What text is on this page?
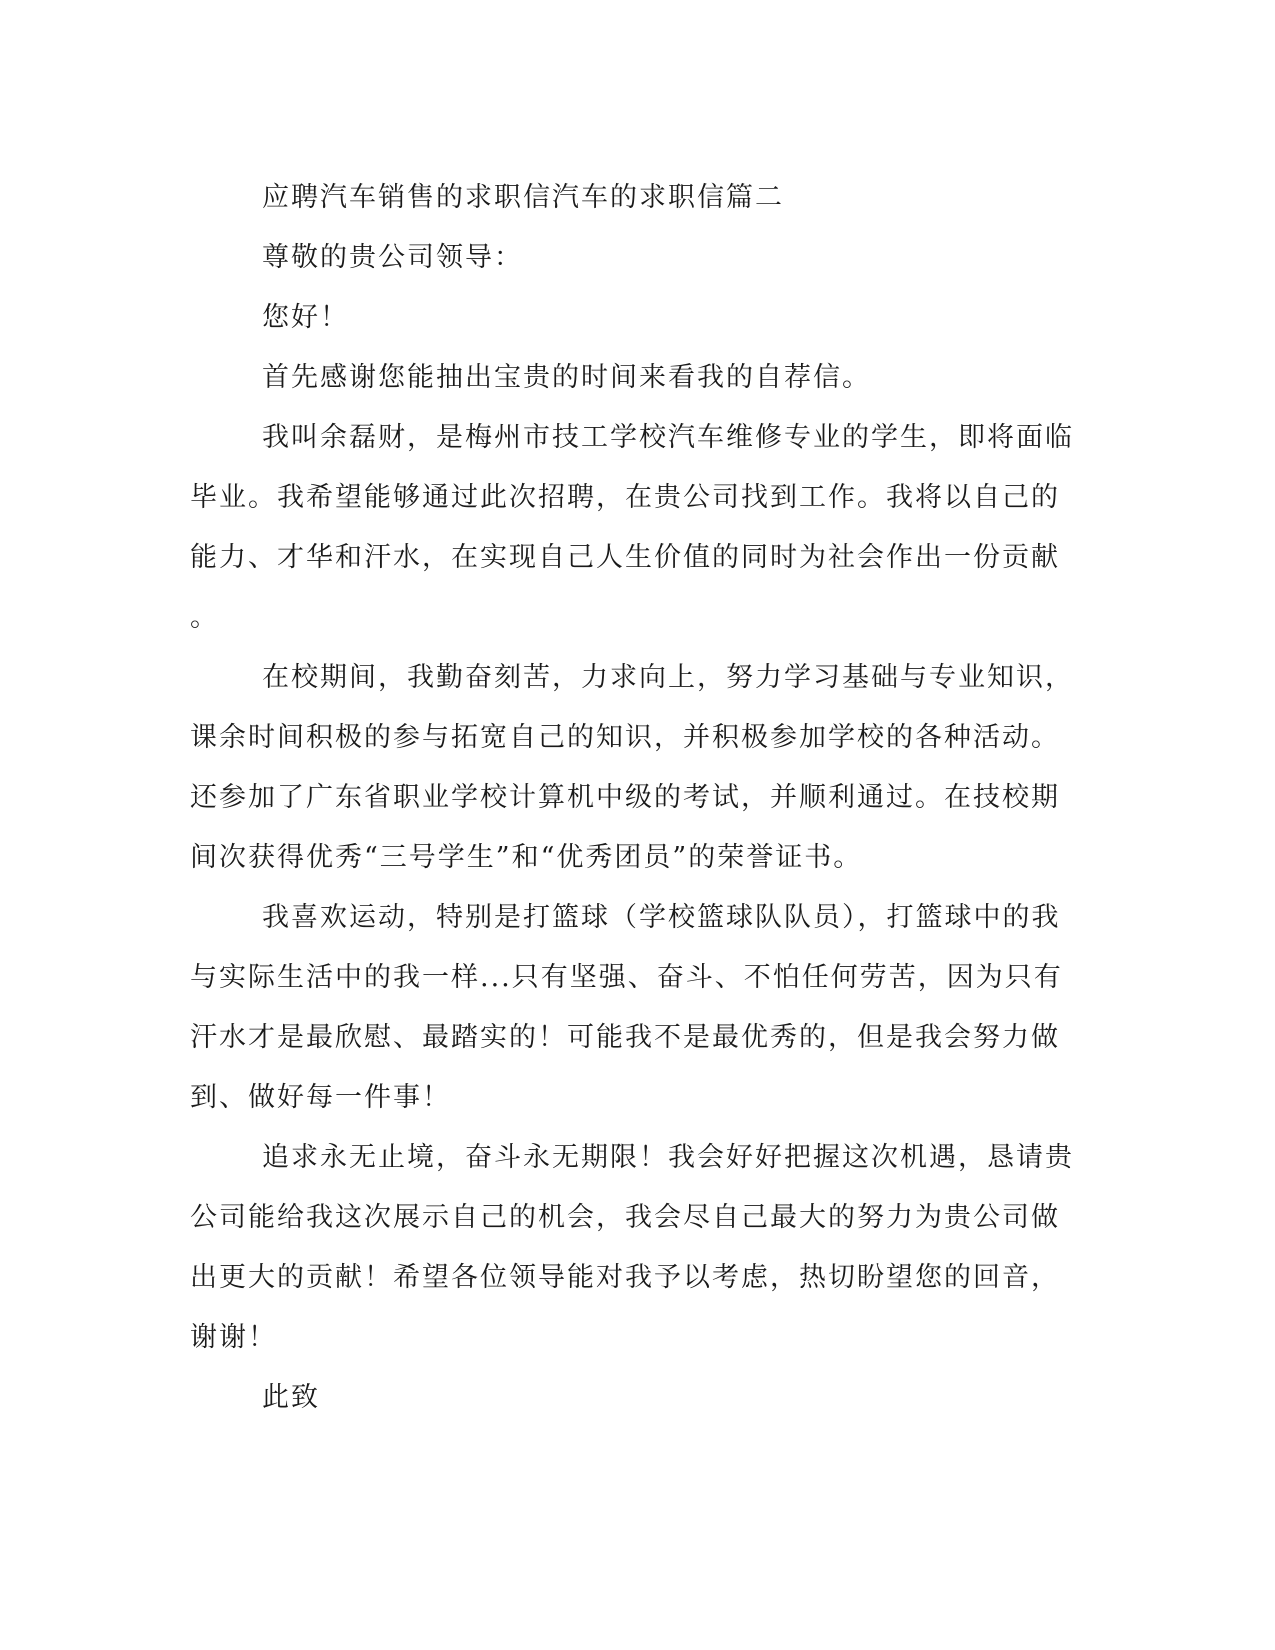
应聘汽车销售的求职信汽车的求职信篇二

尊敬的贵公司领导：

您好！

首先感谢您能抽出宝贵的时间来看我的自荐信。

我叫余磊财，是梅州市技工学校汽车维修专业的学生，即将面临

毕业。我希望能够通过此次招聘，在贵公司找到工作。我将以自己的

能力、才华和汗水，在实现自己人生价值的同时为社会作出一份贡献

。

在校期间，我勤奋刻苦，力求向上，努力学习基础与专业知识，

课余时间积极的参与拓宽自己的知识，并积极参加学校的各种活动。

还参加了广东省职业学校计算机中级的考试，并顺利通过。在技校期

间次获得优秀“三号学生”和“优秀团员”的荣誉证书。

我喜欢运动，特别是打篮球（学校篮球队队员），打篮球中的我

与实际生活中的我一样...只有坚强、奋斗、不怕任何劳苦，因为只有

汗水才是最欣慰、最踏实的！可能我不是最优秀的，但是我会努力做

到、做好每一件事！

追求永无止境，奋斗永无期限！我会好好把握这次机遇，恳请贵

公司能给我这次展示自己的机会，我会尽自己最大的努力为贵公司做

出更大的贡献！希望各位领导能对我予以考虑，热切盼望您的回音，

谢谢！

此致
